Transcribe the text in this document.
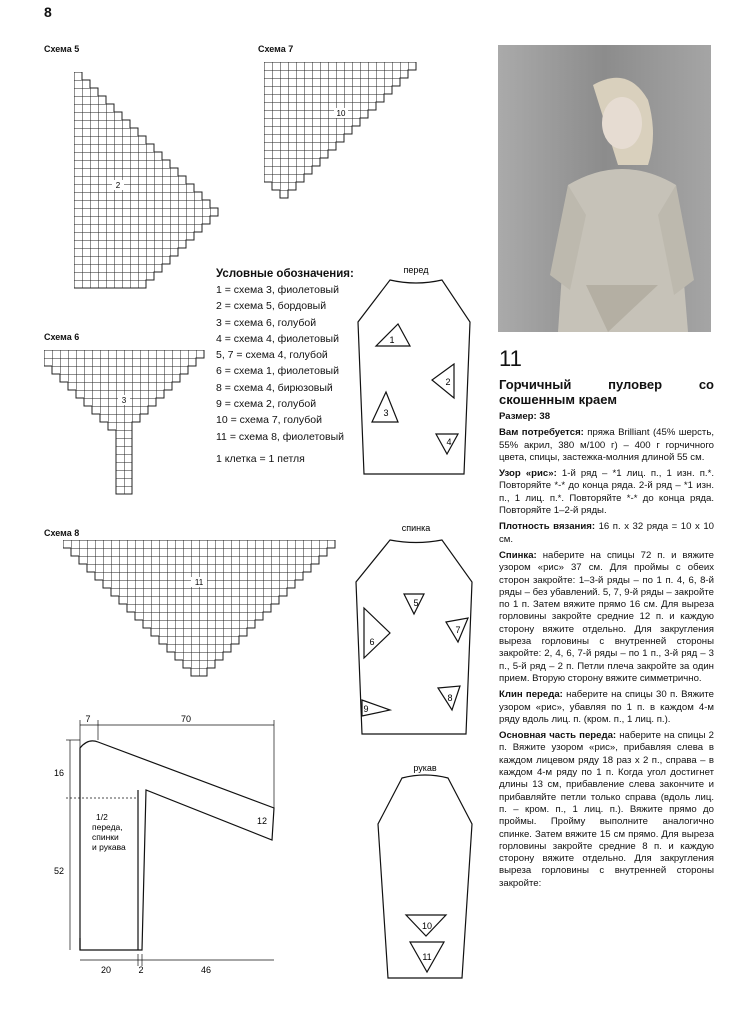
8
Схема 5
2
Схема 7
10
Условные обозначения:
1 = схема 3, фиолетовый
2 = схема 5, бордовый
3 = схема 6, голубой
4 = схема 4, фиолетовый
5, 7 = схема 4, голубой
6 = схема 1, фиолетовый
8 = схема 4, бирюзовый
9 = схема 2, голубой
10 = схема 7, голубой
11 = схема 8, фиолетовый
1 клетка = 1 петля
Схема 6
3
Схема 8
11
перед
1
2
3
4
спинка
5
6
7
8
9
рукав
10
11
7	70
16
52
12
1/2
переда,
спинки
и рукава
20	2	46
11
Горчичный пуловер со скошенным краем

Размер: 38

Вам потребуется: пряжа Brilliant (45% шерсть, 55% акрил, 380 м/100 г) – 400 г горчичного цвета, спицы, застежка-молния длиной 55 см.

Узор «рис»: 1-й ряд – *1 лиц. п., 1 изн. п.*. Повторяйте *-* до конца ряда. 2-й ряд – *1 изн. п., 1 лиц. п.*. Повторяйте *-* до конца ряда. Повторяйте 1–2-й ряды.

Плотность вязания: 16 п. х 32 ряда = 10 х 10 см.

Спинка: наберите на спицы 72 п. и вяжите узором «рис» 37 см. Для проймы с обеих сторон закройте: 1–3-й ряды – по 1 п. 4, 6, 8-й ряды – без убавлений. 5, 7, 9-й ряды – закройте по 1 п. Затем вяжите прямо 16 см. Для выреза горловины закройте средние 12 п. и каждую сторону вяжите отдельно. Для закругления выреза горловины с внутренней стороны закройте: 2, 4, 6, 7-й ряды – по 1 п., 3-й ряд – 3 п., 5-й ряд – 2 п. Петли плеча закройте за один прием. Вторую сторону вяжите симметрично.

Клин переда: наберите на спицы 30 п. Вяжите узором «рис», убавляя по 1 п. в каждом 4-м ряду вдоль лиц. п. (кром. п., 1 лиц. п.).

Основная часть переда: наберите на спицы 2 п. Вяжите узором «рис», прибавляя слева в каждом лицевом ряду 18 раз х 2 п., справа – в каждом 4-м ряду по 1 п. Когда угол достигнет длины 13 см, прибавление слева закончите и прибавляйте петли только справа (вдоль лиц. п. – кром. п., 1 лиц. п.). Вяжите прямо до проймы. Пройму выполните аналогично спинке. Затем вяжите 15 см прямо. Для выреза горловины закройте средние 8 п. и каждую сторону вяжите отдельно. Для закругления выреза горловины с внутренней стороны закройте:
